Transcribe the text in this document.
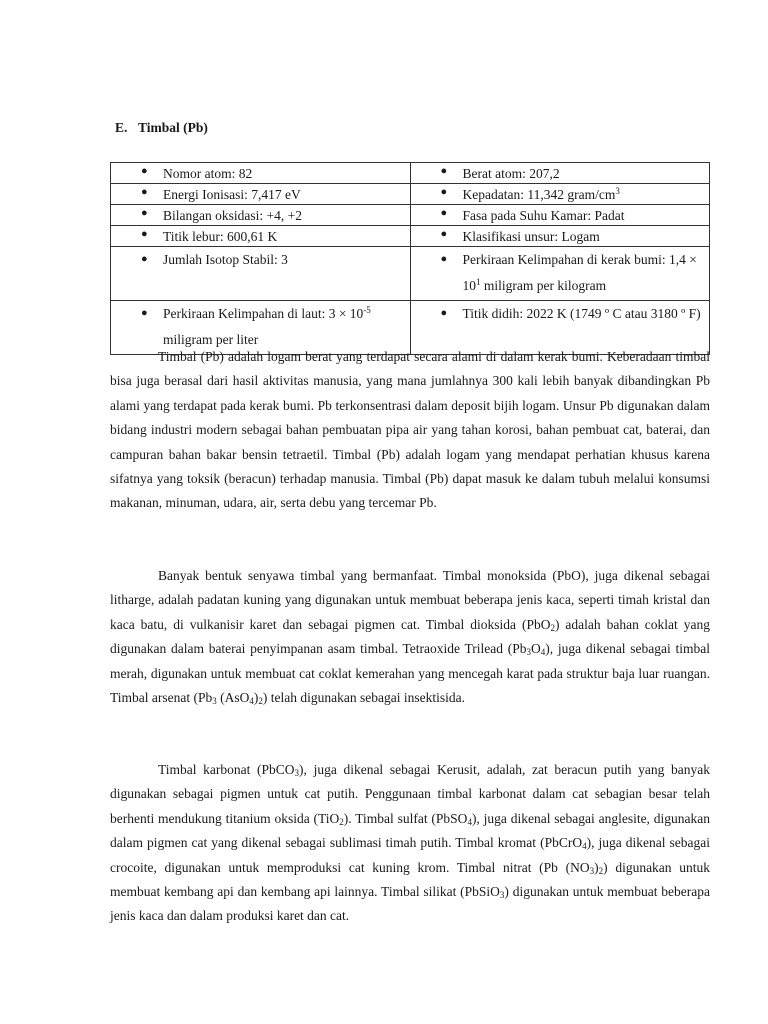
E. Timbal (Pb)
● Nomor atom: 82	● Berat atom: 207,2

● Energi Ionisasi: 7,417 eV	● Kepadatan: 11,342 gram/$cm^3$

● Bilangan oksidasi: +4, +2	● Fasa pada Suhu Kamar: Padat

● Titik lebur: 600,61 K	● Klasifikasi unsur: Logam

● Jumlah Isotop Stabil: 3	● Perkiraan Kelimpahan di kerak bumi: $1,4 \times 10^1$ miligram per kilogram

● Perkiraan Kelimpahan di laut: $3 \times 10^{-5}$ miligram per liter	● Titik didih: 2022 K (1749 º C atau 3180 º F)

Timbal (Pb) adalah logam berat yang terdapat secara alami di dalam kerak bumi. Keberadaan timbal bisa juga berasal dari hasil aktivitas manusia, yang mana jumlahnya 300 kali lebih banyak dibandingkan Pb alami yang terdapat pada kerak bumi. Pb terkonsentrasi dalam deposit bijih logam. Unsur Pb digunakan dalam bidang industri modern sebagai bahan pembuatan pipa air yang tahan korosi, bahan pembuat cat, baterai, dan campuran bahan bakar bensin tetraetil. Timbal (Pb) adalah logam yang mendapat perhatian khusus karena sifatnya yang toksik (beracun) terhadap manusia. Timbal (Pb) dapat masuk ke dalam tubuh melalui konsumsi makanan, minuman, udara, air, serta debu yang tercemar Pb.

Banyak bentuk senyawa timbal yang bermanfaat. Timbal monoksida (PbO), juga dikenal sebagai litharge, adalah padatan kuning yang digunakan untuk membuat beberapa jenis kaca, seperti timah kristal dan kaca batu, di vulkanisir karet dan sebagai pigmen cat. Timbal dioksida (PbO$_2$) adalah bahan coklat yang digunakan dalam baterai penyimpanan asam timbal. Tetraoxide Trilead $(Pb_3O_4)$, juga dikenal sebagai timbal merah, digunakan untuk membuat cat coklat kemerahan yang mencegah karat pada struktur baja luar ruangan. Timbal arsenat ($Pb_3$ $(AsO_4)_2$) telah digunakan sebagai insektisida.

Timbal karbonat (PbCO$_3$), juga dikenal sebagai Kerusit, adalah, zat beracun putih yang banyak digunakan sebagai pigmen untuk cat putih. Penggunaan timbal karbonat dalam cat sebagian besar telah berhenti mendukung titanium oksida (TiO$_2$). Timbal sulfat (PbSO$_4$), juga dikenal sebagai anglesite, digunakan dalam pigmen cat yang dikenal sebagai sublimasi timah putih. Timbal kromat (PbCrO$_4$), juga dikenal sebagai crocoite, digunakan untuk memproduksi cat kuning krom. Timbal nitrat (Pb $(NO_3)_2$) digunakan untuk membuat kembang api dan kembang api lainnya. Timbal silikat (PbSiO$_3$) digunakan untuk membuat beberapa jenis kaca dan dalam produksi karet dan cat.
